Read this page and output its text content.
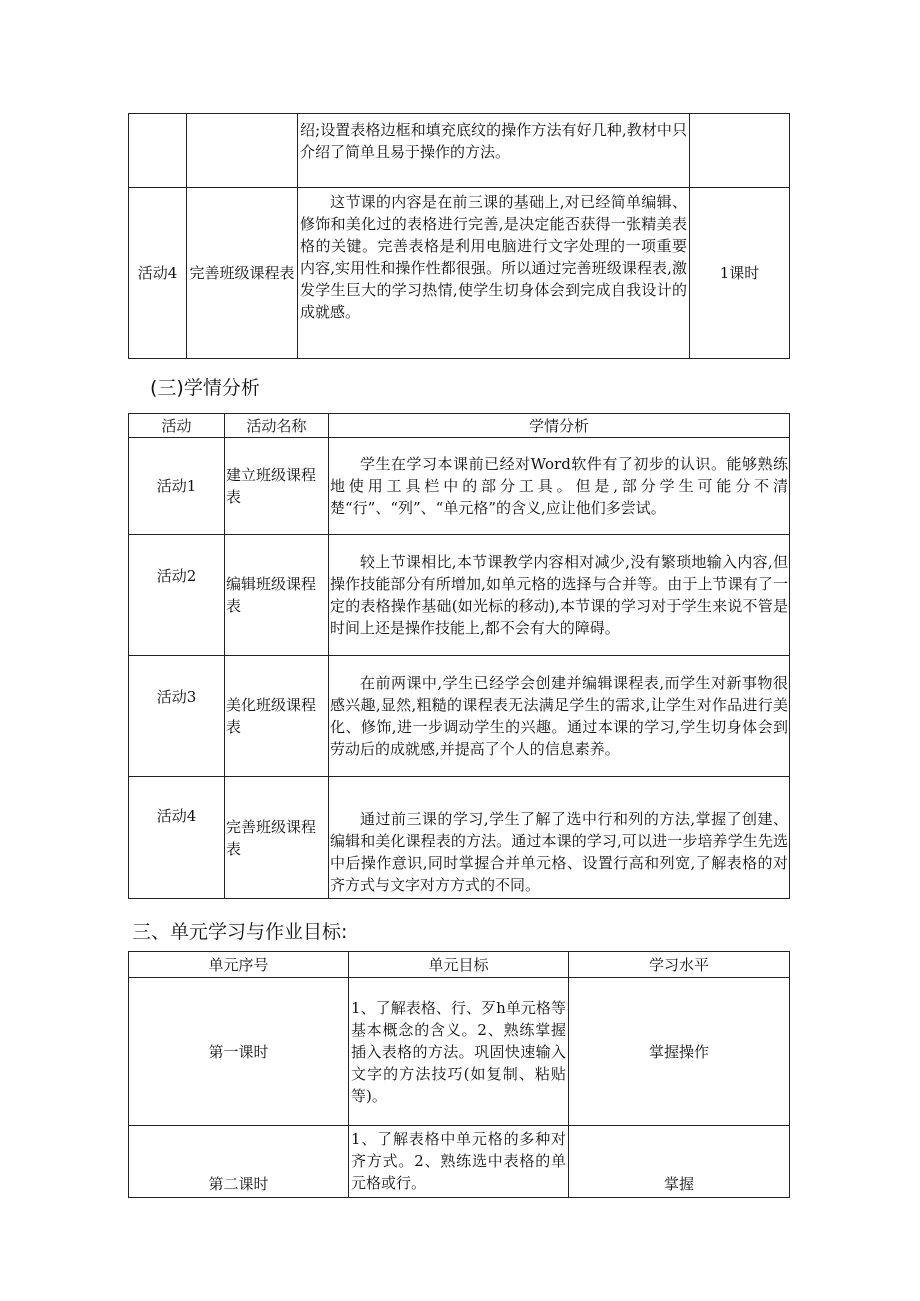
		绍;设置表格边框和填充底纹的操作方法有好几种,教材中只介绍了简单且易于操作的方法。	
活动4	完善班级课程表	这节课的内容是在前三课的基础上,对已经简单编辑、修饰和美化过的表格进行完善,是决定能否获得一张精美表格的关键。完善表格是利用电脑进行文字处理的一项重要内容,实用性和操作性都很强。所以通过完善班级课程表,激发学生巨大的学习热情,使学生切身体会到完成自我设计的成就感。	1课时
(三)学情分析
活动	活动名称	学情分析
活动1	建立班级课程表	学生在学习本课前已经对Word软件有了初步的认识。能够熟练地使用工具栏中的部分工具。但是,部分学生可能分不清楚“行”、“列”、“单元格”的含义,应让他们多尝试。
活动2	编辑班级课程表	较上节课相比,本节课教学内容相对减少,没有繁琐地输入内容,但操作技能部分有所增加,如单元格的选择与合并等。由于上节课有了一定的表格操作基础(如光标的移动),本节课的学习对于学生来说不管是时间上还是操作技能上,都不会有大的障碍。
活动3	美化班级课程表	在前两课中,学生已经学会创建并编辑课程表,而学生对新事物很感兴趣,显然,粗糙的课程表无法满足学生的需求,让学生对作品进行美化、修饰,进一步调动学生的兴趣。通过本课的学习,学生切身体会到劳动后的成就感,并提高了个人的信息素养。
活动4	完善班级课程表	通过前三课的学习,学生了解了选中行和列的方法,掌握了创建、编辑和美化课程表的方法。通过本课的学习,可以进一步培养学生先选中后操作意识,同时掌握合并单元格、设置行高和列宽,了解表格的对齐方式与文字对方方式的不同。
三、单元学习与作业目标:
单元序号	单元目标	学习水平
第一课时	1、了解表格、行、歹h单元格等基本概念的含义。2、熟练掌握插入表格的方法。巩固快速输入文字的方法技巧(如复制、粘贴等)。	掌握操作
第二课时	1、了解表格中单元格的多种对齐方式。2、熟练选中表格的单元格或行。	掌握
